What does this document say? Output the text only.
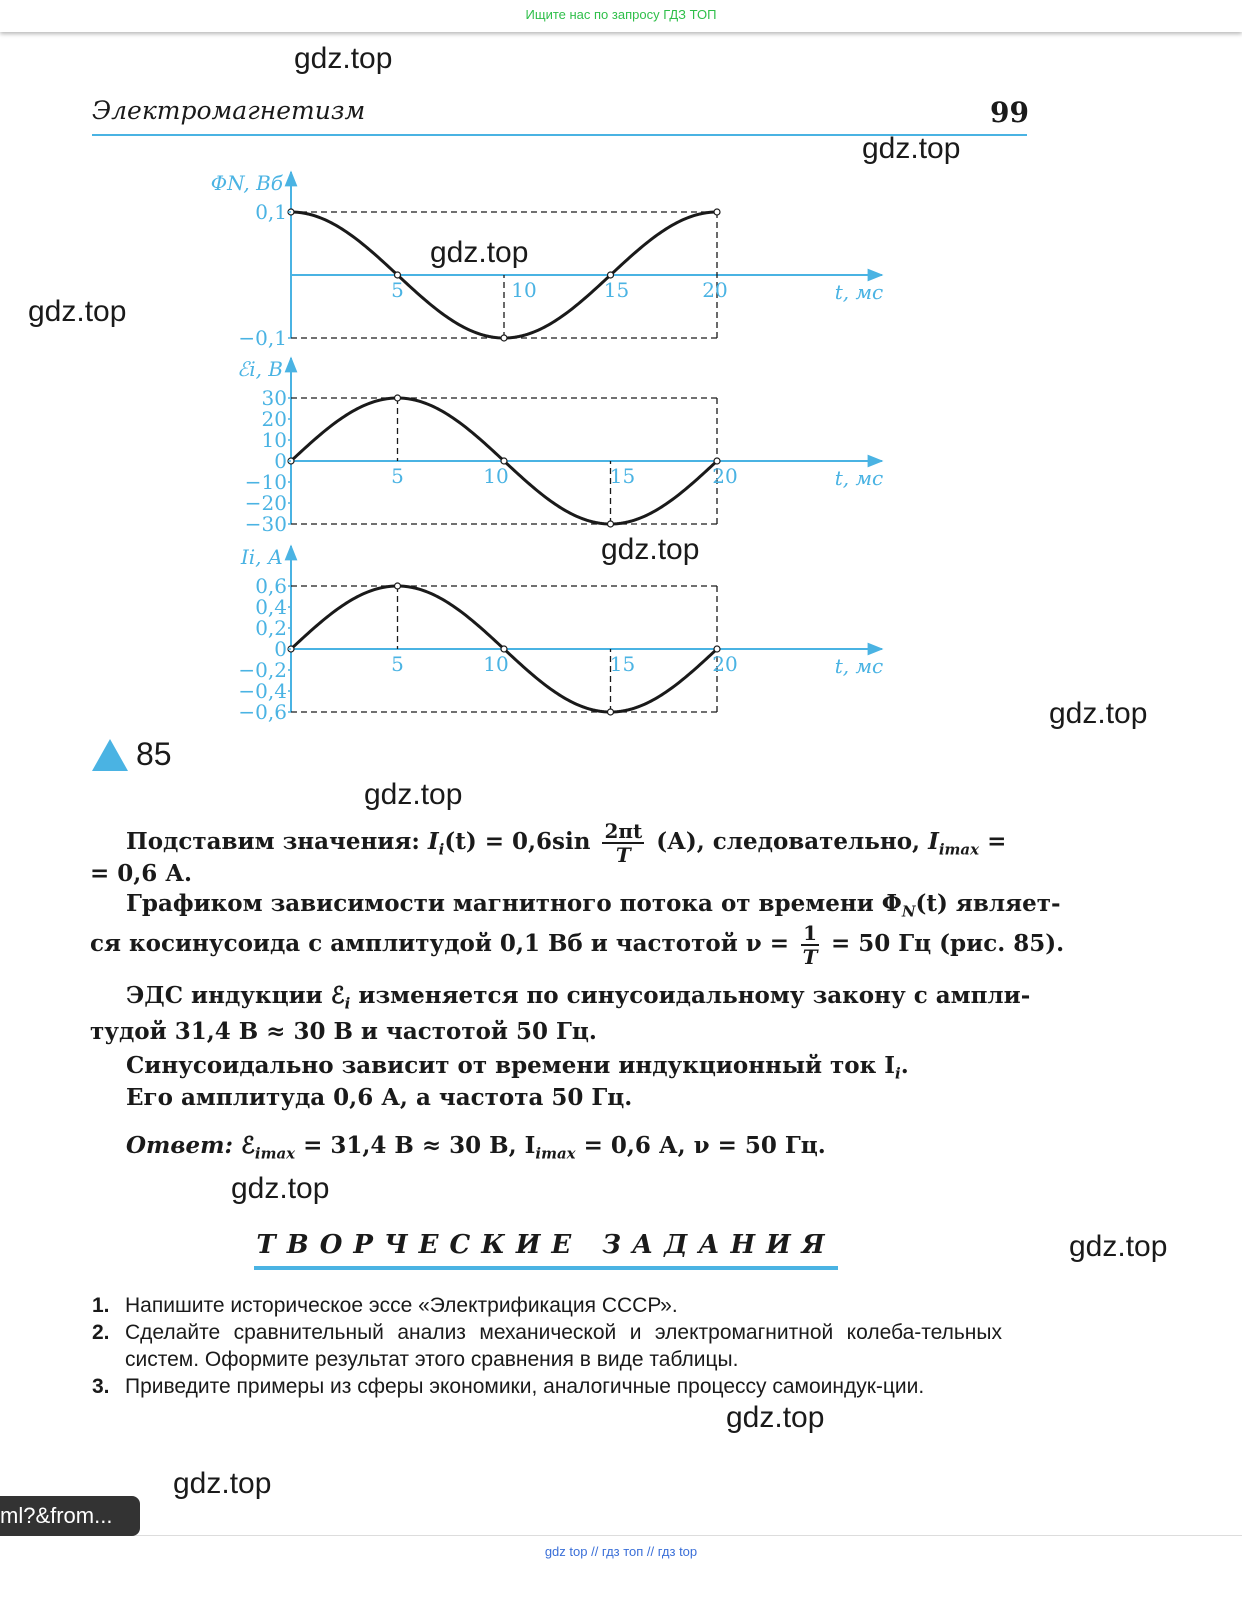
Ищите нас по запросу ГДЗ ТОП
Электромагнетизм	99
5	10	15	20	t, мс
0,1
−0,1
ΦN, Вб
5	10	15	20	t, мс
30
20
10
0
−10
−20
−30
ℰi, В
5	10	15	20	t, мс
0,6
0,4
0,2
0
−0,2
−0,4
−0,6
Ii, А
85
Подставим значения: $I_i(t) = 0,6\sin \frac{2\pi t}{T} (А)$, следовательно, $I_{imax}$ =
= 0,6 А.
Графиком зависимости магнитного потока от времени $\Phi_N(t)$ являет-
ся косинусоида с амплитудой 0,1 Вб и частотой $\nu = \frac{1}{T} = 50$ Гц (рис. 85).
ЭДС индукции ℰ$_i$ изменяется по синусоидальному закону с ампли-
тудой 31,4 В ≈ 30 В и частотой 50 Гц.
Синусоидально зависит от времени индукционный ток $I_i$.
Его амплитуда 0,6 А, а частота 50 Гц.
Ответ: ℰ$_{imax}$ = 31,4 В ≈ 30 В, $I_{imax} = 0,6$ А, ν = 50 Гц.
ТВОРЧЕСКИЕ ЗАДАНИЯ
1. Напишите историческое эссе «Электрификация СССР».
2. Сделайте сравнительный анализ механической и электромагнитной колеба-тельных систем. Оформите результат этого сравнения в виде таблицы.
3. Приведите примеры из сферы экономики, аналогичные процессу самоиндук-ции.
gdz.top
gdz.top
gdz.top
gdz.top
gdz.top
gdz.top
gdz.top
gdz.top
gdz.top
gdz.top
gdz.top
ml?&from...
gdz top // гдз топ // гдз top
